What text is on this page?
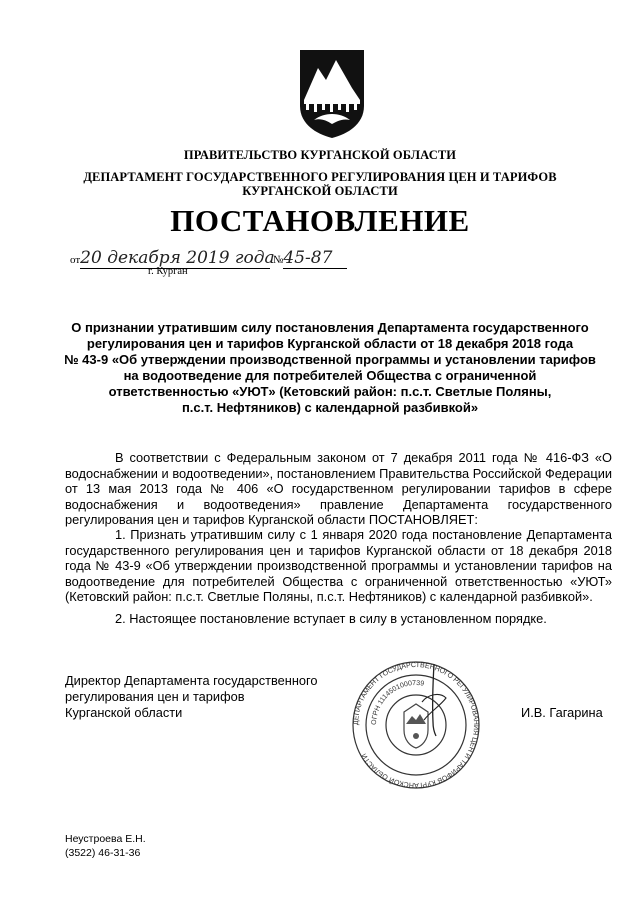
ПРАВИТЕЛЬСТВО КУРГАНСКОЙ ОБЛАСТИ
ДЕПАРТАМЕНТ ГОСУДАРСТВЕННОГО РЕГУЛИРОВАНИЯ ЦЕН И ТАРИФОВ
КУРГАНСКОЙ ОБЛАСТИ
ПОСТАНОВЛЕНИЕ
от20 декабря 2019 года №45-87
г. Курган
О признании утратившим силу постановления Департамента государственного
регулирования цен и тарифов Курганской области от 18 декабря 2018 года
№ 43-9 «Об утверждении производственной программы и установлении тарифов
на водоотведение для потребителей Общества с ограниченной
ответственностью «УЮТ» (Кетовский район: п.с.т. Светлые Поляны,
п.с.т. Нефтяников) с календарной разбивкой»
В соответствии с Федеральным законом от 7 декабря 2011 года № 416-ФЗ «О водоснабжении и водоотведении», постановлением Правительства Российской Федерации от 13 мая 2013 года № 406 «О государственном регулировании тарифов в сфере водоснабжения и водоотведения» правление Департамента государственного регулирования цен и тарифов Курганской области ПОСТАНОВЛЯЕТ:
1. Признать утратившим силу с 1 января 2020 года постановление Департамента государственного регулирования цен и тарифов Курганской области от 18 декабря 2018 года № 43-9 «Об утверждении производственной программы и установлении тарифов на водоотведение для потребителей Общества с ограниченной ответственностью «УЮТ» (Кетовский район: п.с.т. Светлые Поляны, п.с.т. Нефтяников) с календарной разбивкой».
2. Настоящее постановление вступает в силу в установленном порядке.
ДЕПАРТАМЕНТ ГОСУДАРСТВЕННОГО РЕГУЛИРОВАНИЯ ЦЕН И ТАРИФОВ КУРГАНСКОЙ ОБЛАСТИ
ОГРН 1114501000739
Директор Департамента государственного
регулирования цен и тарифов
Курганской области	И.В. Гагарина
Неустроева Е.Н.
(3522) 46-31-36
